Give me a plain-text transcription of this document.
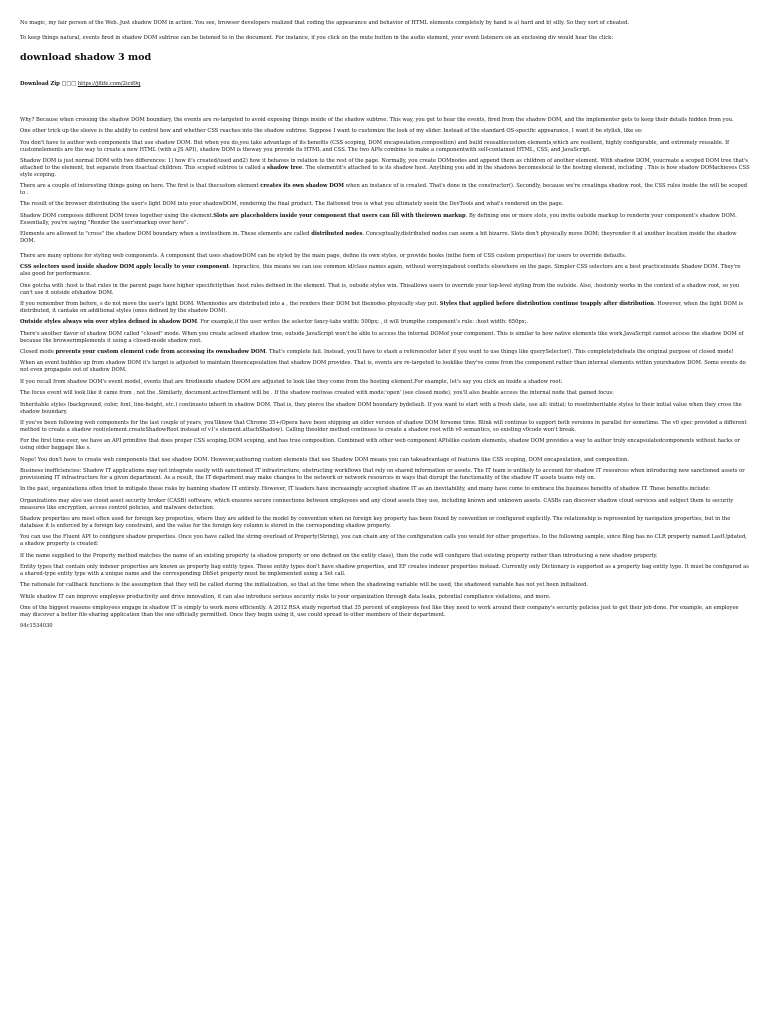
No magic, my fair person of the Web. Just shadow DOM in action. You see, browser developers realized that coding the appearance and behavior of HTML elements completely by hand is a) hard and b) silly. So they sort of cheated.

To keep things natural, events fired in shadow DOM subtree can be listened to in the document. For instance, if you click on the mute button in the audio element, your event listeners on an enclosing div would hear the click:

download shadow 3 mod
Download Zip □□□ https://jflife.com/2icd9q

Why? Because when crossing the shadow DOM boundary, the events are re-targeted to avoid exposing things inside of the shadow subtree. This way, you get to hear the events, fired from the shadow DOM, and the implementer gets to keep their details hidden from you.

One other trick up the sleeve is the ability to control how and whether CSS reaches into the shadow subtree. Suppose I want to customize the look of my slider. Instead of the standard OS-specific appearance, I want it be stylish, like so:

You don't have to author web components that use shadow DOM. But when you do,you take advantage of its benefits (CSS scoping, DOM encapsulation,composition) and build reusablecustom elements,which are resilient, highly configurable, and extremely reusable. If customelements are the way to create a new HTML (with a JS API), shadow DOM is theway you provide its HTML and CSS. The two APIs combine to make a componentwith self-contained HTML, CSS, and JavaScript.

Shadow DOM is just normal DOM with two differences: 1) how it's created/used and2) how it behaves in relation to the rest of the page. Normally, you create DOMnodes and append them as children of another element. With shadow DOM, youcreate a scoped DOM tree that's attached to the element, but separate from itsactual children. This scoped subtree is called a shadow tree. The elementit's attached to is its shadow host. Anything you add in the shadows becomeslocal to the hosting element, including . This is how shadow DOMachieves CSS style scoping.

There are a couple of interesting things going on here. The first is that thecustom element creates its own shadow DOM when an instance of is created. That's done in the constructor(). Secondly, because we're creatinga shadow root, the CSS rules inside the will be scoped to .

The result of the browser distributing the user's light DOM into your shadowDOM, rendering the final product. The flattened tree is what you ultimately seein the DevTools and what's rendered on the page.

Shadow DOM composes different DOM trees together using the element.Slots are placeholders inside your component that users can fill with theirown markup. By defining one or more slots, you invite outside markup to renderin your component's shadow DOM. Essentially, you're saying "Render the user'smarkup over here".

Elements are allowed to "cross" the shadow DOM boundary when a invitesthem in. These elements are called distributed nodes. Conceptually,distributed nodes can seem a bit bizarre. Slots don't physically move DOM; theyrender it at another location inside the shadow DOM.

There are many options for styling web components. A component that uses shadowDOM can be styled by the main page, define its own styles, or provide hooks (inthe form of CSS custom properties) for users to override defaults.

CSS selectors used inside shadow DOM apply locally to your component. Inpractice, this means we can use common id/class names again, without worryingabout conflicts elsewhere on the page. Simpler CSS selectors are a best practiceinside Shadow DOM. They're also good for performance.

One gotcha with :host is that rules in the parent page have higher specificitythan :host rules defined in the element. That is, outside styles win. Thisallows users to override your top-level styling from the outside. Also, :hostonly works in the context of a shadow root, so you can't use it outside ofshadow DOM.

If you remember from before, s do not move the user's light DOM. Whennodes are distributed into a , the renders their DOM but thenodes physically stay put. Styles that applied before distribution continue toapply after distribution. However, when the light DOM is distributed, it cantake on additional styles (ones defined by the shadow DOM).

Outside styles always win over styles defined in shadow DOM. For example,if the user writes the selector fancy-tabs width: 500px; , it will trumpthe component's rule: :host width: 650px;.

There's another flavor of shadow DOM called "closed" mode. When you create aclosed shadow tree, outside JavaScript won't be able to access the internal DOMof your component. This is similar to how native elements like work.JavaScript cannot access the shadow DOM of because the browserimplements it using a closed-mode shadow root.

Closed mode prevents your custom element code from accessing its ownshadow DOM. That's complete fail. Instead, you'll have to stash a referencefor later if you want to use things like querySelector(). This completelydefeats the original purpose of closed mode!

When an event bubbles up from shadow DOM it's target is adjusted to maintain theencapsulation that shadow DOM provides. That is, events are re-targeted to looklike they've come from the component rather than internal elements within yourshadow DOM. Some events do not even propagate out of shadow DOM.

If you recall from shadow DOM's event model, events that are firedinside shadow DOM are adjusted to look like they come from the hosting element.For example, let's say you click an inside a shadow root:

The focus event will look like it came from , not the .Similarly, document.activeElement will be . If the shadow rootwas created with mode:'open' (see closed mode), you'll also beable access the internal node that gained focus:

Inheritable styles (background, color, font, line-height, etc.) continueto inherit in shadow DOM. That is, they pierce the shadow DOM boundary bydefault. If you want to start with a fresh slate, use all: initial; to resetinheritable styles to their initial value when they cross the shadow boundary.

If you've been following web components for the last couple of years, you'llknow that Chrome 35+/Opera have been shipping an older version of shadow DOM forsome time. Blink will continue to support both versions in parallel for sometime. The v0 spec provided a different method to create a shadow root(element.createShadowRoot instead of v1's element.attachShadow). Calling theolder method continues to create a shadow root with v0 semantics, so existing v0code won't break.

For the first time ever, we have an API primitive that does proper CSS scoping,DOM scoping, and has true composition. Combined with other web component APIslike custom elements, shadow DOM provides a way to author truly encapsulatedcomponents without hacks or using older baggage like s.

Nope! You don't have to create web components that use shadow DOM. However,authoring custom elements that use Shadow DOM means you can takeadvantage of features like CSS scoping, DOM encapsulation, and composition.

Business inefficiencies: Shadow IT applications may not integrate easily with sanctioned IT infrastructure, obstructing workflows that rely on shared information or assets. The IT team is unlikely to account for shadow IT resources when introducing new sanctioned assets or provisioning IT infrastructure for a given department. As a result, the IT department may make changes to the network or network resources in ways that disrupt the functionality of the shadow IT assets teams rely on.

In the past, organizations often tried to mitigate these risks by banning shadow IT entirely. However, IT leaders have increasingly accepted shadow IT as an inevitability, and many have come to embrace the business benefits of shadow IT. Those benefits include:

Organizations may also use cloud asset security broker (CASB) software, which ensures secure connections between employees and any cloud assets they use, including known and unknown assets. CASBs can discover shadow cloud services and subject them to security measures like encryption, access control policies, and malware detection.

Shadow properties are most often used for foreign key properties, where they are added to the model by convention when no foreign key property has been found by convention or configured explicitly. The relationship is represented by navigation properties, but in the database it is enforced by a foreign key constraint, and the value for the foreign key column is stored in the corresponding shadow property.

You can use the Fluent API to configure shadow properties. Once you have called the string overload of Property(String), you can chain any of the configuration calls you would for other properties. In the following sample, since Blog has no CLR property named LastUpdated, a shadow property is created:

If the name supplied to the Property method matches the name of an existing property (a shadow property or one defined on the entity class), then the code will configure that existing property rather than introducing a new shadow property.

Entity types that contain only indexer properties are known as property bag entity types. These entity types don't have shadow properties, and EF creates indexer properties instead. Currently only Dictionary is supported as a property bag entity type. It must be configured as a shared-type entity type with a unique name and the corresponding DbSet property must be implemented using a Set call.

The rationale for callback functions is the assumption that they will be called during the initialization, so that at the time when the shadowing variable will be used, the shadowed variable has not yet been initialized.

While shadow IT can improve employee productivity and drive innovation, it can also introduce serious security risks to your organization through data leaks, potential compliance violations, and more.

One of the biggest reasons employees engage in shadow IT is simply to work more efficiently. A 2012 RSA study reported that 35 percent of employees feel like they need to work around their company's security policies just to get their job done. For example, an employee may discover a better file-sharing application than the one officially permitted. Once they begin using it, use could spread to other members of their department.

94c1534030
